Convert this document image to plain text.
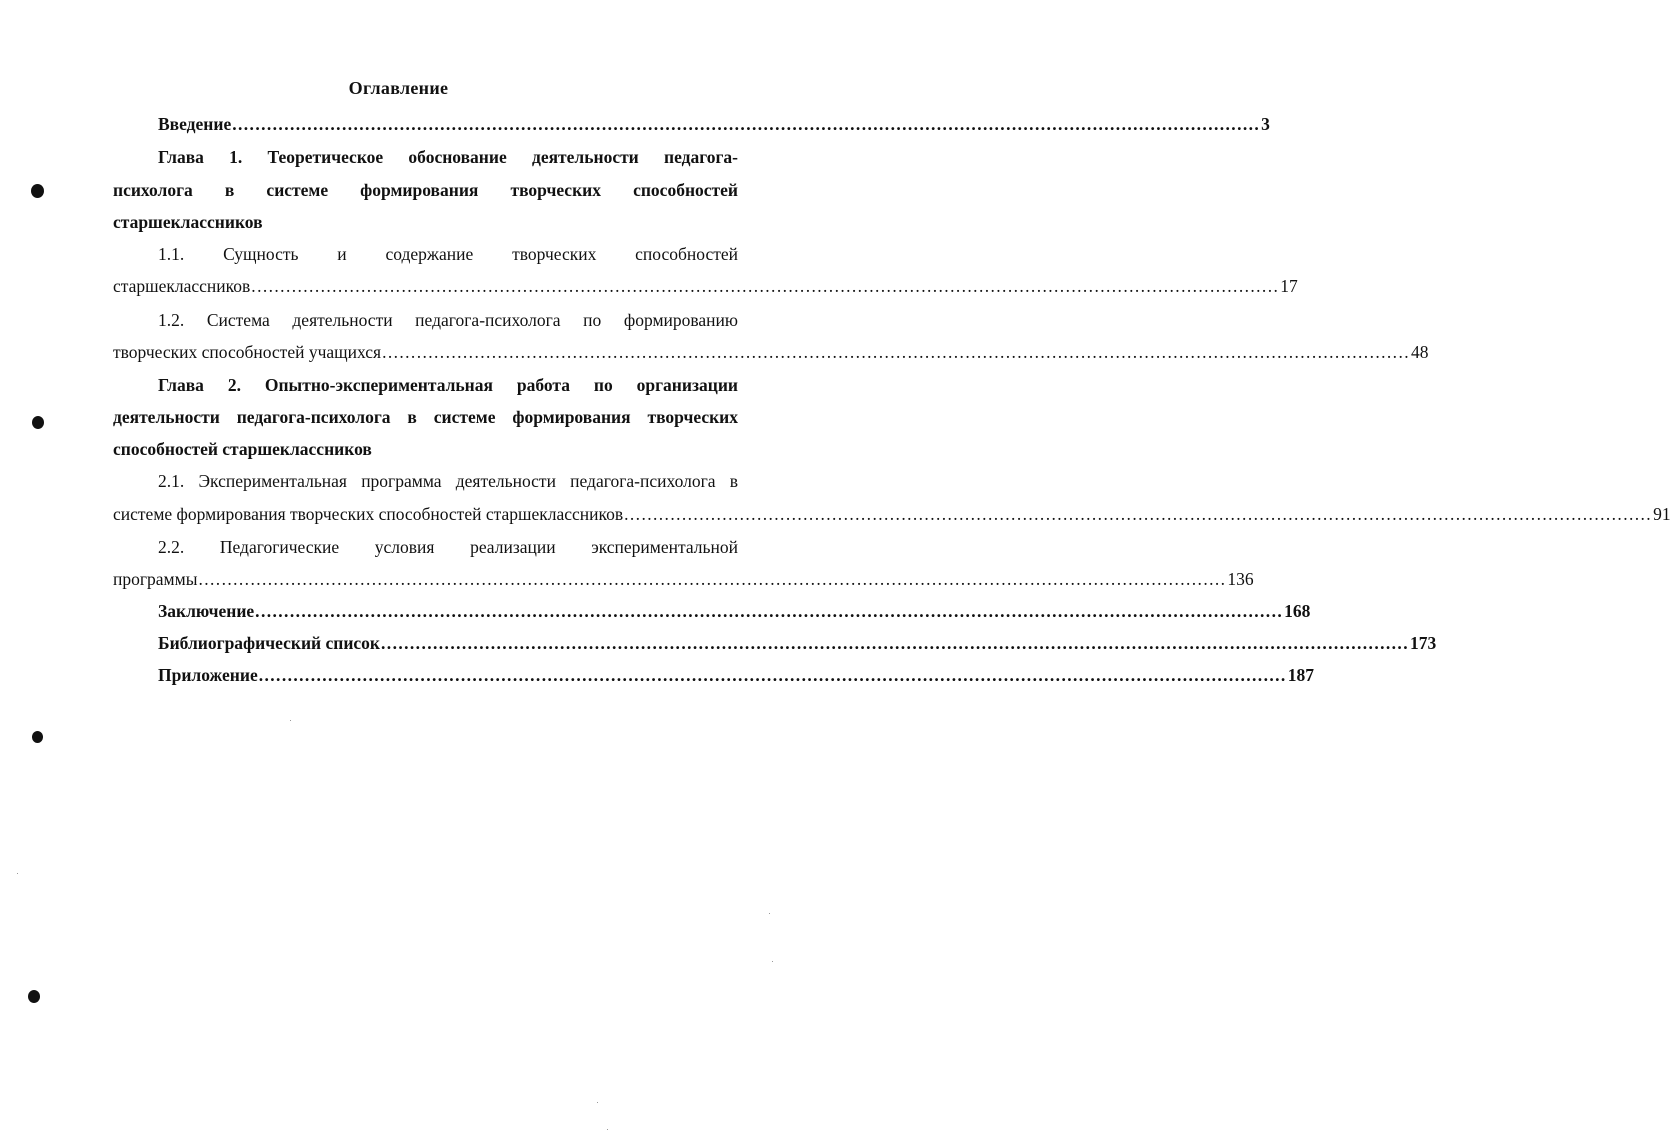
Оглавление
Введение .................................................................................................................................................................................. 3
Глава 1. Теоретическое обоснование деятельности педагога-
психолога в системе формирования творческих способностей
старшеклассников
1.1. Сущность и содержание творческих способностей
старшеклассников .................................................................................................................................................................................. 17
1.2. Система деятельности педагога-психолога по формированию
творческих способностей учащихся .................................................................................................................................................................................. 48
Глава 2. Опытно-экспериментальная работа по организации
деятельности педагога-психолога в системе формирования творческих
способностей старшеклассников
2.1. Экспериментальная программа деятельности педагога-психолога в
системе формирования творческих способностей старшеклассников .................................................................................................................................................................................. 91
2.2. Педагогические условия реализации экспериментальной
программы .................................................................................................................................................................................. 136
Заключение .................................................................................................................................................................................. 168
Библиографический список .................................................................................................................................................................................. 173
Приложение .................................................................................................................................................................................. 187
